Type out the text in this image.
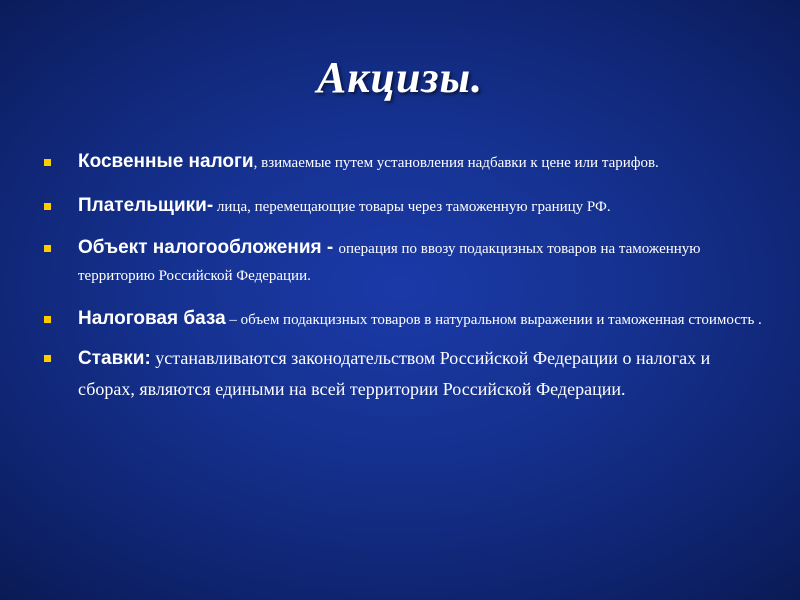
Акцизы.
Косвенные налоги, взимаемые путем установления надбавки к цене или тарифов.
Плательщики- лица, перемещающие товары через таможенную границу РФ.
Объект налогообложения - операция по ввозу подакцизных товаров на таможенную территорию Российской Федерации.
Налоговая база – объем подакцизных товаров в натуральном выражении и таможенная стоимость .
Ставки: устанавливаются законодательством Российской Федерации о налогах и сборах, являются едиными на всей территории Российской Федерации.
